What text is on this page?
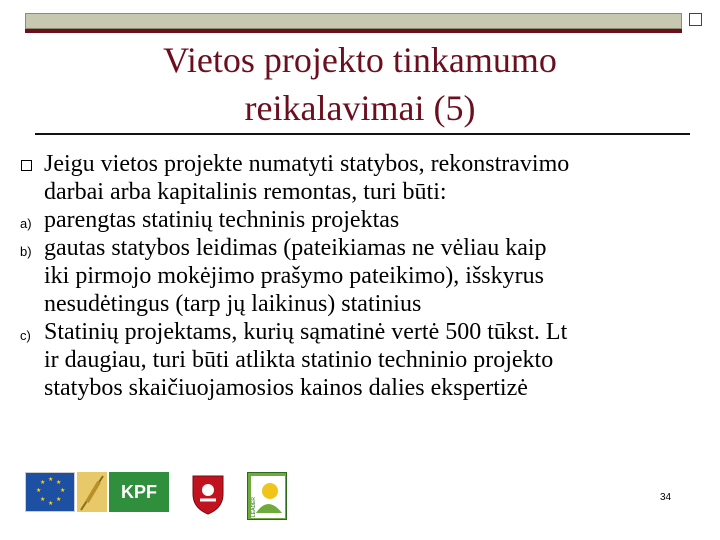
Vietos projekto tinkamumo
reikalavimai (5)
Jeigu vietos projekte numatyti statybos, rekonstravimo
darbai arba kapitalinis remontas, turi būti:
a) parengtas statinių techninis projektas
b) gautas statybos leidimas (pateikiamas ne vėliau kaip
iki pirmojo mokėjimo prašymo pateikimo), išskyrus
nesudėtingus (tarp jų laikinus) statinius
c) Statinių projektams, kurių sąmatinė vertė 500 tūkst. Lt
ir daugiau, turi būti atlikta statinio techninio projekto
statybos skaičiuojamosios kainos dalies ekspertizė
★ ★
★
★
★
★
★
★	KPF
LEADER	34
